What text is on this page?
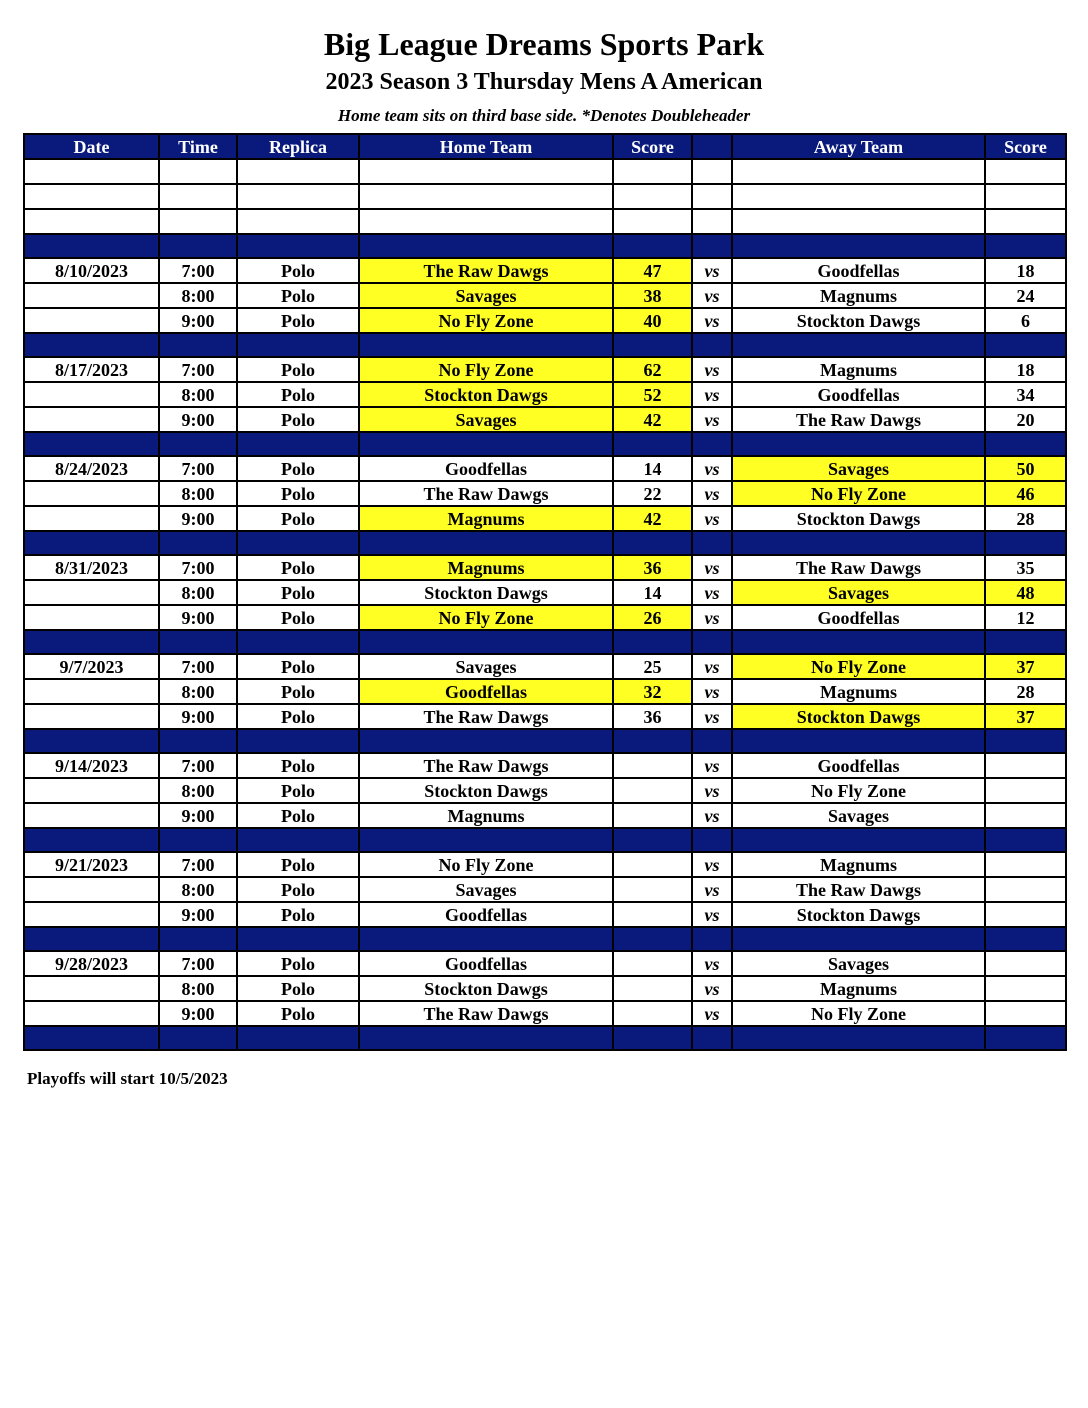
Big League Dreams Sports Park
2023 Season 3 Thursday Mens A American
Home team sits on third base side. *Denotes Doubleheader
Date	Time	Replica	Home Team	Score		Away Team	Score

8/10/2023	7:00	Polo	The Raw Dawgs	47	vs	Goodfellas	18
	8:00	Polo	Savages	38	vs	Magnums	24
	9:00	Polo	No Fly Zone	40	vs	Stockton Dawgs	6

8/17/2023	7:00	Polo	No Fly Zone	62	vs	Magnums	18
	8:00	Polo	Stockton Dawgs	52	vs	Goodfellas	34
	9:00	Polo	Savages	42	vs	The Raw Dawgs	20

8/24/2023	7:00	Polo	Goodfellas	14	vs	Savages	50
	8:00	Polo	The Raw Dawgs	22	vs	No Fly Zone	46
	9:00	Polo	Magnums	42	vs	Stockton Dawgs	28

8/31/2023	7:00	Polo	Magnums	36	vs	The Raw Dawgs	35
	8:00	Polo	Stockton Dawgs	14	vs	Savages	48
	9:00	Polo	No Fly Zone	26	vs	Goodfellas	12

9/7/2023	7:00	Polo	Savages	25	vs	No Fly Zone	37
	8:00	Polo	Goodfellas	32	vs	Magnums	28
	9:00	Polo	The Raw Dawgs	36	vs	Stockton Dawgs	37

9/14/2023	7:00	Polo	The Raw Dawgs		vs	Goodfellas	
	8:00	Polo	Stockton Dawgs		vs	No Fly Zone	
	9:00	Polo	Magnums		vs	Savages	

9/21/2023	7:00	Polo	No Fly Zone		vs	Magnums	
	8:00	Polo	Savages		vs	The Raw Dawgs	
	9:00	Polo	Goodfellas		vs	Stockton Dawgs	

9/28/2023	7:00	Polo	Goodfellas		vs	Savages	
	8:00	Polo	Stockton Dawgs		vs	Magnums	
	9:00	Polo	The Raw Dawgs		vs	No Fly Zone	

Playoffs will start 10/5/2023
